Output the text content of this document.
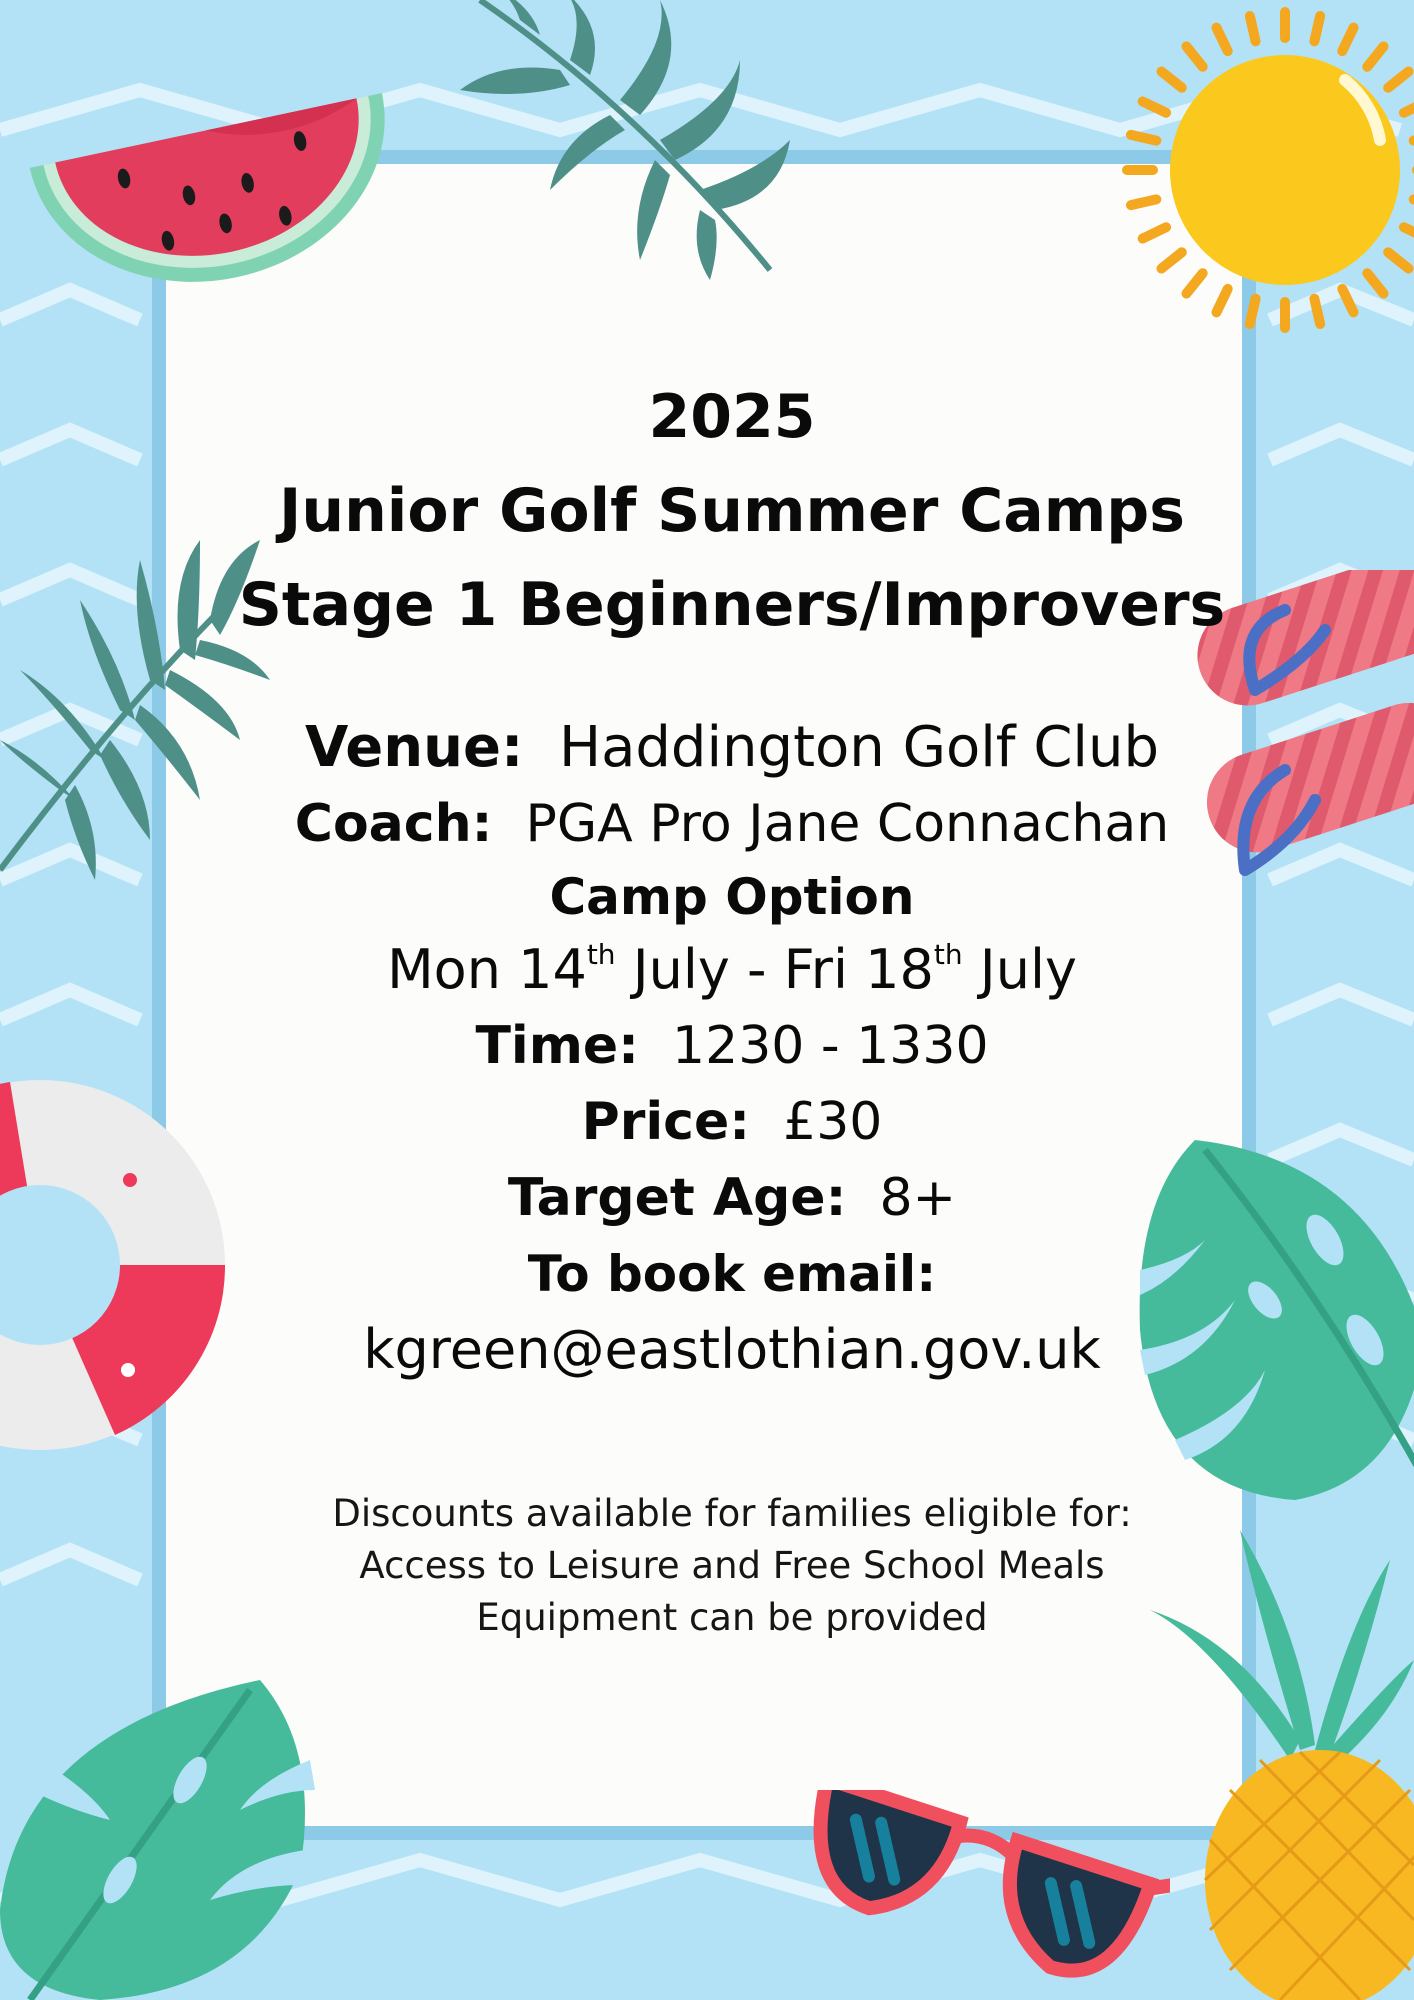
2025
Junior Golf Summer Camps
Stage 1 Beginners/Improvers
Venue: Haddington Golf Club
Coach: PGA Pro Jane Connachan
Camp Option
Mon 14th July - Fri 18th July
Time: 1230 - 1330
Price: £30
Target Age: 8+
To book email:
kgreen@eastlothian.gov.uk
Discounts available for families eligible for:
Access to Leisure and Free School Meals
Equipment can be provided
